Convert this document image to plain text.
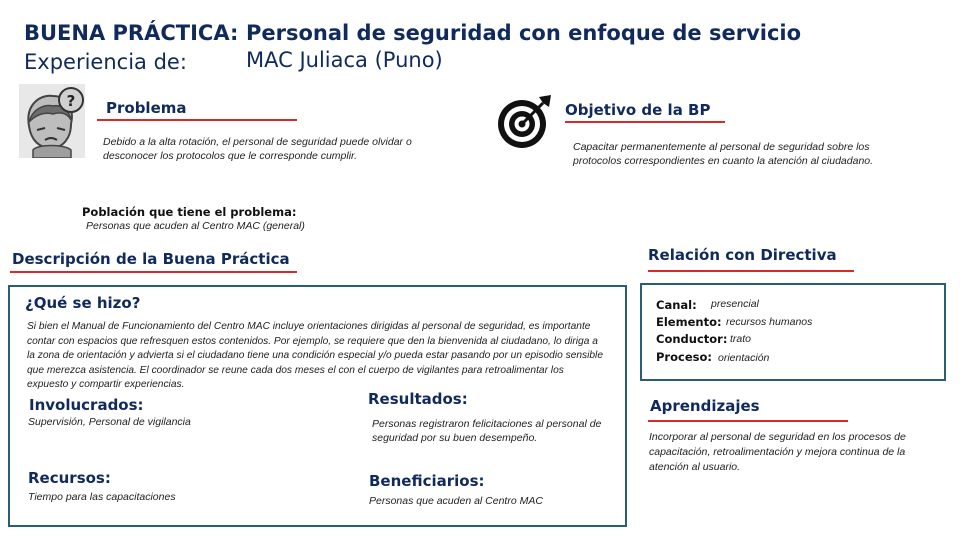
BUENA PRÁCTICA: Personal de seguridad con enfoque de servicio
Experiencia de:	MAC Juliaca (Puno)
? Problema
Debido a la alta rotación, el personal de seguridad puede olvidar o desconocer los protocolos que le corresponde cumplir.
Objetivo de la BP
Capacitar permanentemente al personal de seguridad sobre los protocolos correspondientes en cuanto la atención al ciudadano.
Población que tiene el problema:
Personas que acuden al Centro MAC (general)
Descripción de la Buena Práctica
¿Qué se hizo?
Si bien el Manual de Funcionamiento del Centro MAC incluye orientaciones dirigidas al personal de seguridad, es importante contar con espacios que refresquen estos contenidos. Por ejemplo, se requiere que den la bienvenida al ciudadano, lo diriga a la zona de orientación y advierta si el ciudadano tiene una condición especial y/o pueda estar pasando por un episodio sensible que merezca asistencia. El coordinador se reune cada dos meses el con el cuerpo de vigilantes para retroalimentar los expuesto y compartir experiencias.
Involucrados:
Supervisión, Personal de vigilancia
Resultados:
Personas registraron felicitaciones al personal de seguridad por su buen desempeño.
Recursos:
Tiempo para las capacitaciones
Beneficiarios:
Personas que acuden al Centro MAC
Relación con Directiva
Canal: presencial
Elemento: recursos humanos
Conductor: trato
Proceso: orientación
Aprendizajes
Incorporar al personal de seguridad en los procesos de capacitación, retroalimentación y mejora continua de la atención al usuario.
